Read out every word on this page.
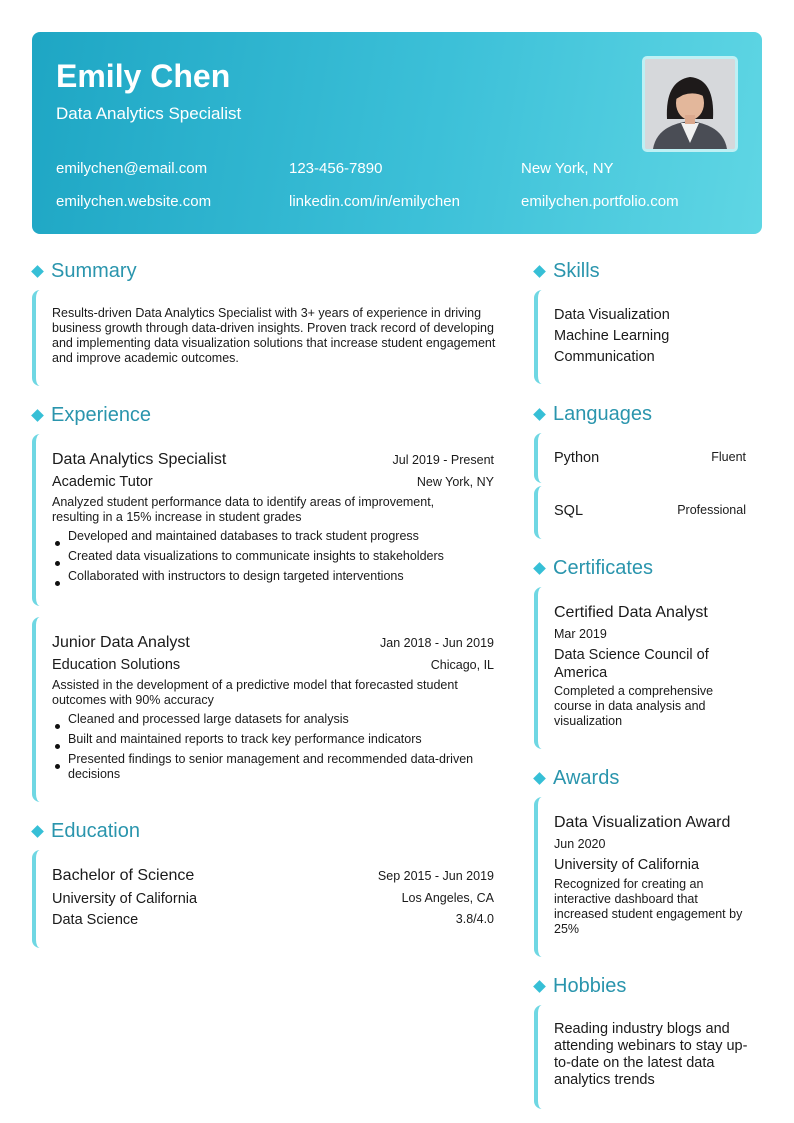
Emily Chen
Data Analytics Specialist
emilychen@email.com	123-456-7890	New York, NY
emilychen.website.com	linkedin.com/in/emilychen	emilychen.portfolio.com
Summary
Results-driven Data Analytics Specialist with 3+ years of experience in driving business growth through data-driven insights. Proven track record of developing and implementing data visualization solutions that increase student engagement and improve academic outcomes.
Experience
Data Analytics Specialist	Jul 2019 - Present
Academic Tutor	New York, NY
Analyzed student performance data to identify areas of improvement, resulting in a 15% increase in student grades
Developed and maintained databases to track student progress
Created data visualizations to communicate insights to stakeholders
Collaborated with instructors to design targeted interventions
Junior Data Analyst	Jan 2018 - Jun 2019
Education Solutions	Chicago, IL
Assisted in the development of a predictive model that forecasted student outcomes with 90% accuracy
Cleaned and processed large datasets for analysis
Built and maintained reports to track key performance indicators
Presented findings to senior management and recommended data-driven decisions
Education
Bachelor of Science	Sep 2015 - Jun 2019
University of California	Los Angeles, CA
Data Science	3.8/4.0
Skills
Data Visualization
Machine Learning
Communication
Languages
Python	Fluent
SQL	Professional
Certificates
Certified Data Analyst
Mar 2019
Data Science Council of America
Completed a comprehensive course in data analysis and visualization
Awards
Data Visualization Award
Jun 2020
University of California
Recognized for creating an interactive dashboard that increased student engagement by 25%
Hobbies
Reading industry blogs and attending webinars to stay up-to-date on the latest data analytics trends
